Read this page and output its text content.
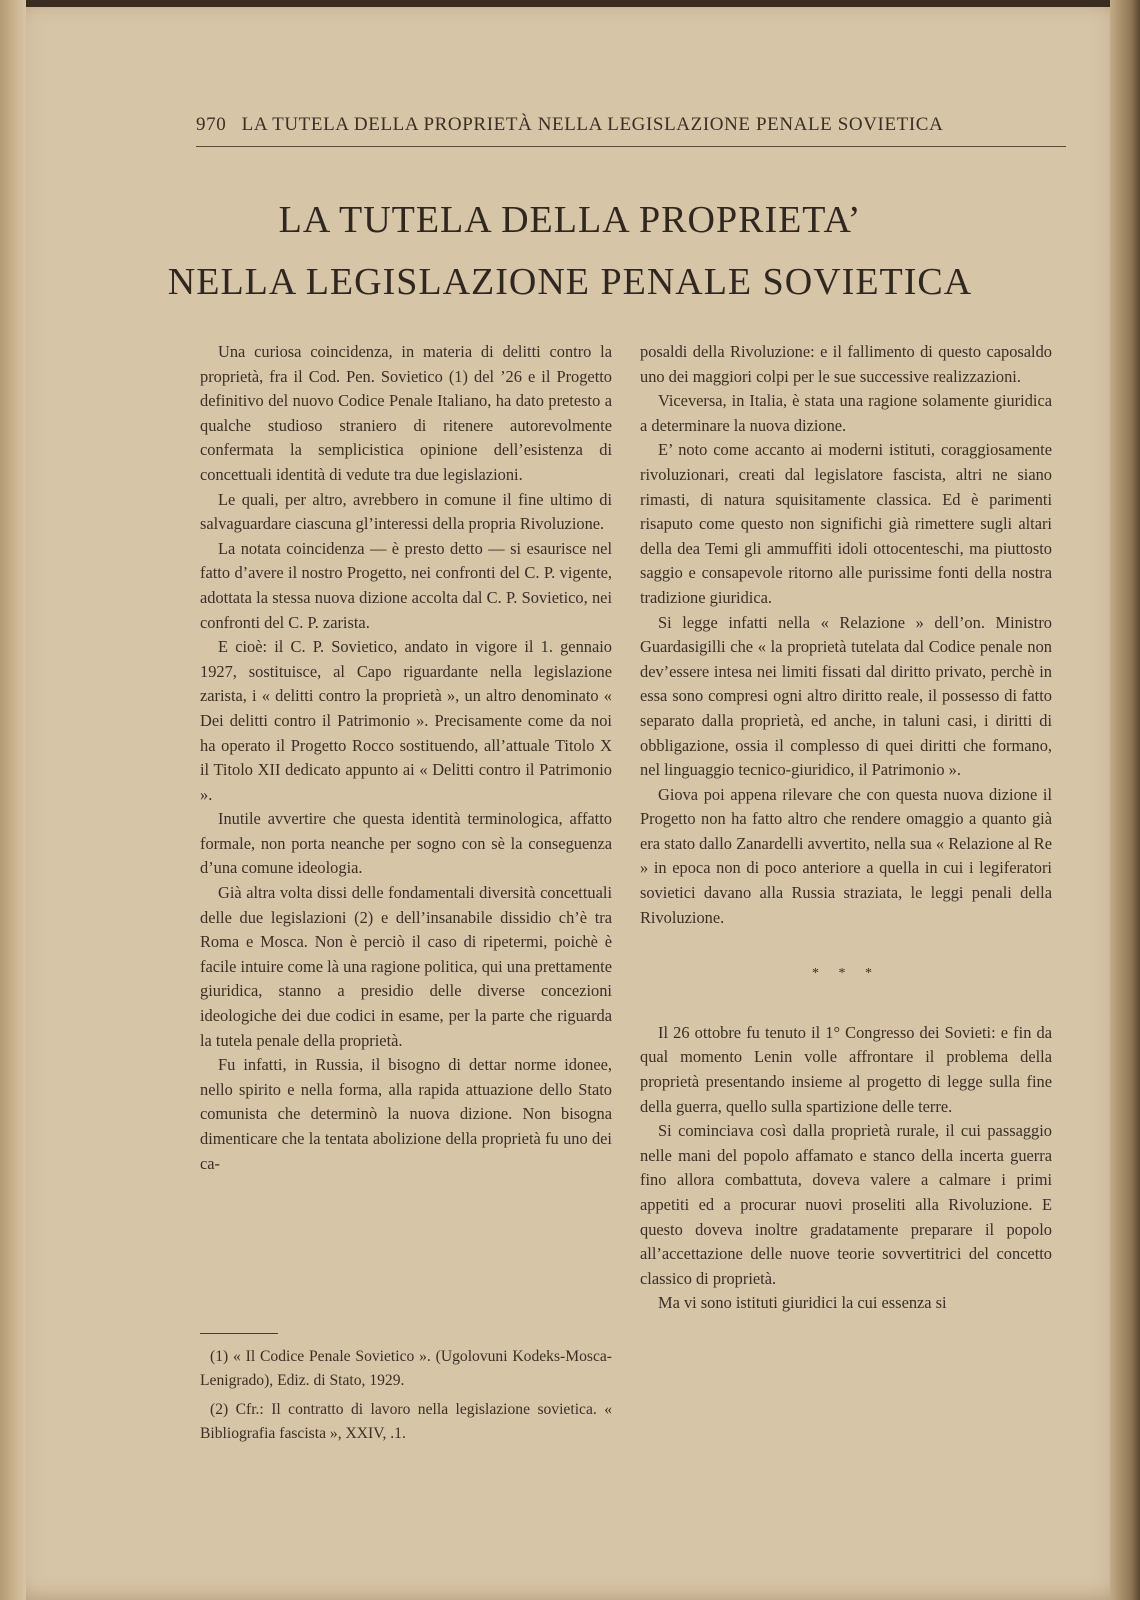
970 LA TUTELA DELLA PROPRIETÀ NELLA LEGISLAZIONE PENALE SOVIETICA
LA TUTELA DELLA PROPRIETA’
NELLA LEGISLAZIONE PENALE SOVIETICA

Una curiosa coincidenza, in materia di delitti contro la proprietà, fra il Cod. Pen. Sovietico (1) del ’26 e il Progetto definitivo del nuovo Codice Penale Italiano, ha dato pretesto a qualche studioso straniero di ritenere autorevolmente confermata la semplicistica opinione dell’esistenza di concettuali identità di vedute tra due legislazioni.

Le quali, per altro, avrebbero in comune il fine ultimo di salvaguardare ciascuna gl’interessi della propria Rivoluzione.

La notata coincidenza — è presto detto — si esaurisce nel fatto d’avere il nostro Progetto, nei confronti del C. P. vigente, adottata la stessa nuova dizione accolta dal C. P. Sovietico, nei confronti del C. P. zarista.

E cioè: il C. P. Sovietico, andato in vigore il 1. gennaio 1927, sostituisce, al Capo riguardante nella legislazione zarista, i « delitti contro la proprietà », un altro denominato « Dei delitti contro il Patrimonio ». Precisamente come da noi ha operato il Progetto Rocco sostituendo, all’attuale Titolo X il Titolo XII dedicato appunto ai « Delitti contro il Patrimonio ».

Inutile avvertire che questa identità terminologica, affatto formale, non porta neanche per sogno con sè la conseguenza d’una comune ideologia.

Già altra volta dissi delle fondamentali diversità concettuali delle due legislazioni (2) e dell’insanabile dissidio ch’è tra Roma e Mosca. Non è perciò il caso di ripetermi, poichè è facile intuire come là una ragione politica, qui una prettamente giuridica, stanno a presidio delle diverse concezioni ideologiche dei due codici in esame, per la parte che riguarda la tutela penale della proprietà.

Fu infatti, in Russia, il bisogno di dettar norme idonee, nello spirito e nella forma, alla rapida attuazione dello Stato comunista che determinò la nuova dizione. Non bisogna dimenticare che la tentata abolizione della proprietà fu uno dei ca-

(1) « Il Codice Penale Sovietico ». (Ugolovuni Kodeks-Mosca-Lenigrado), Ediz. di Stato, 1929.

(2) Cfr.: Il contratto di lavoro nella legislazione sovietica. « Bibliografia fascista », XXIV, .1.

posaldi della Rivoluzione: e il fallimento di questo caposaldo uno dei maggiori colpi per le sue successive realizzazioni.

Viceversa, in Italia, è stata una ragione solamente giuridica a determinare la nuova dizione.

E’ noto come accanto ai moderni istituti, coraggiosamente rivoluzionari, creati dal legislatore fascista, altri ne siano rimasti, di natura squisitamente classica. Ed è parimenti risaputo come questo non significhi già rimettere sugli altari della dea Temi gli ammuffiti idoli ottocenteschi, ma piuttosto saggio e consapevole ritorno alle purissime fonti della nostra tradizione giuridica.

Si legge infatti nella « Relazione » dell’on. Ministro Guardasigilli che « la proprietà tutelata dal Codice penale non dev’essere intesa nei limiti fissati dal diritto privato, perchè in essa sono compresi ogni altro diritto reale, il possesso di fatto separato dalla proprietà, ed anche, in taluni casi, i diritti di obbligazione, ossia il complesso di quei diritti che formano, nel linguaggio tecnico-giuridico, il Patrimonio ».

Giova poi appena rilevare che con questa nuova dizione il Progetto non ha fatto altro che rendere omaggio a quanto già era stato dallo Zanardelli avvertito, nella sua « Relazione al Re » in epoca non di poco anteriore a quella in cui i legiferatori sovietici davano alla Russia straziata, le leggi penali della Rivoluzione.

* * *

Il 26 ottobre fu tenuto il 1° Congresso dei Sovieti: e fin da qual momento Lenin volle affrontare il problema della proprietà presentando insieme al progetto di legge sulla fine della guerra, quello sulla spartizione delle terre.

Si cominciava così dalla proprietà rurale, il cui passaggio nelle mani del popolo affamato e stanco della incerta guerra fino allora combattuta, doveva valere a calmare i primi appetiti ed a procurar nuovi proseliti alla Rivoluzione. E questo doveva inoltre gradatamente preparare il popolo all’accettazione delle nuove teorie sovvertitrici del concetto classico di proprietà.

Ma vi sono istituti giuridici la cui essenza si
